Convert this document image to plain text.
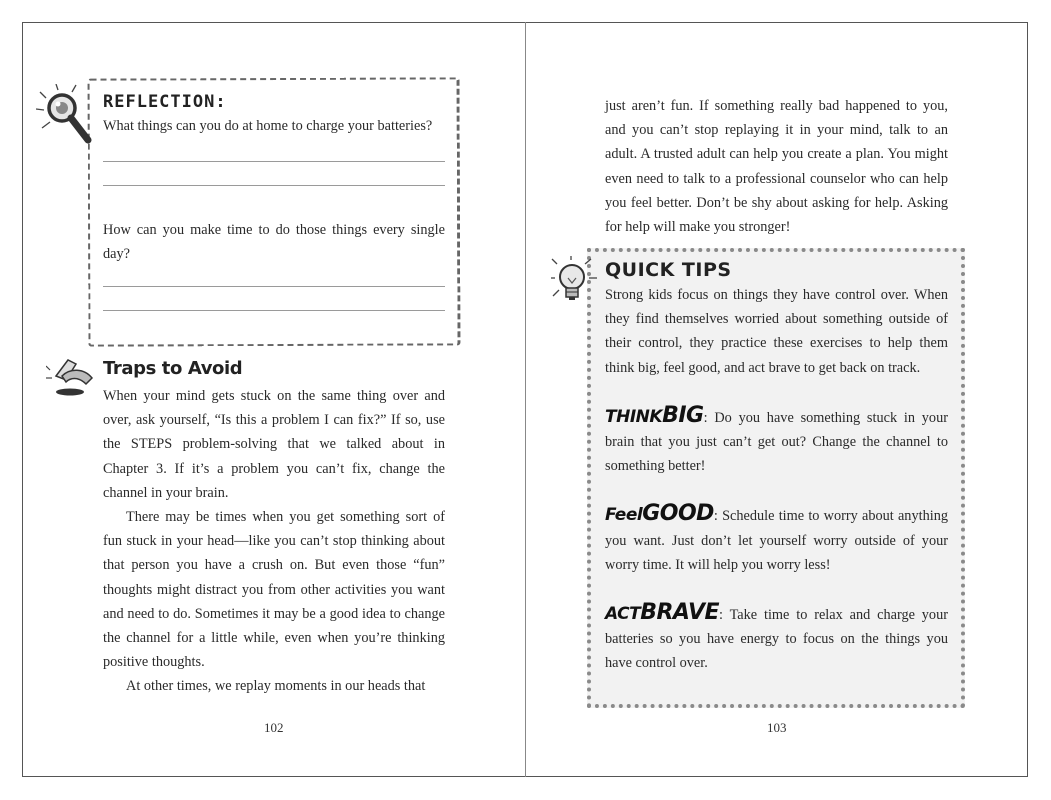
REFLECTION:

What things can you do at home to charge your batteries?

How can you make time to do those things every single day?

Traps to Avoid

When your mind gets stuck on the same thing over and over, ask yourself, “Is this a problem I can fix?” If so, use the STEPS problem-solving that we talked about in Chapter 3. If it’s a problem you can’t fix, change the channel in your brain.

There may be times when you get something sort of fun stuck in your head—like you can’t stop thinking about that person you have a crush on. But even those “fun” thoughts might distract you from other activities you want and need to do. Sometimes it may be a good idea to change the channel for a little while, even when you’re thinking positive thoughts.

At other times, we replay moments in our heads that

102

just aren’t fun. If something really bad happened to you, and you can’t stop replaying it in your mind, talk to an adult. A trusted adult can help you create a plan. You might even need to talk to a professional counselor who can help you feel better. Don’t be shy about asking for help. Asking for help will make you stronger!

QUICK TIPS

Strong kids focus on things they have control over. When they find themselves worried about something outside of their control, they practice these exercises to help them think big, feel good, and act brave to get back on track.

THINKBIG: Do you have something stuck in your brain that you just can’t get out? Change the channel to something better!

FeelGOOD: Schedule time to worry about anything you want. Just don’t let yourself worry outside of your worry time. It will help you worry less!

ACTBRAVE: Take time to relax and charge your batteries so you have energy to focus on the things you have control over.

103
